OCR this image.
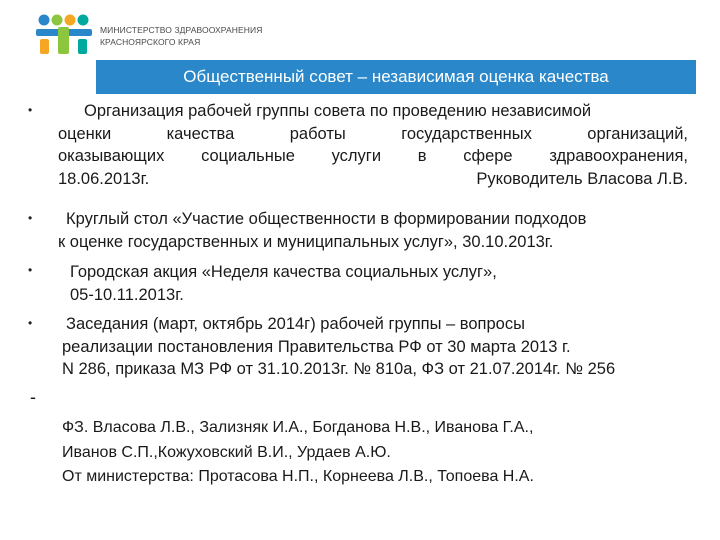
МИНИСТЕРСТВО ЗДРАВООХРАНЕНИЯ
КРАСНОЯРСКОГО КРАЯ
Общественный совет – независимая оценка качества
•	Организация рабочей группы совета по проведению независимой
оценки качества работы государственных организаций,
оказывающих социальные услуги в сфере здравоохранения,
18.06.2013г.	Руководитель Власова Л.В.
•	Круглый стол «Участие общественности в формировании подходов
к оценке государственных и муниципальных услуг», 30.10.2013г.
• Городская акция «Неделя качества социальных услуг»,
05-10.11.2013г.
• Заседания (март, октябрь 2014г) рабочей группы – вопросы
реализации постановления Правительства РФ от 30 марта 2013 г.
N 286, приказа МЗ РФ от 31.10.2013г. № 810а, ФЗ от 21.07.2014г. № 256
-
ФЗ. Власова Л.В., Зализняк И.А., Богданова Н.В., Иванова Г.А.,
Иванов С.П.,Кожуховский В.И., Урдаев А.Ю.
От министерства: Протасова Н.П., Корнеева Л.В., Топоева Н.А.
